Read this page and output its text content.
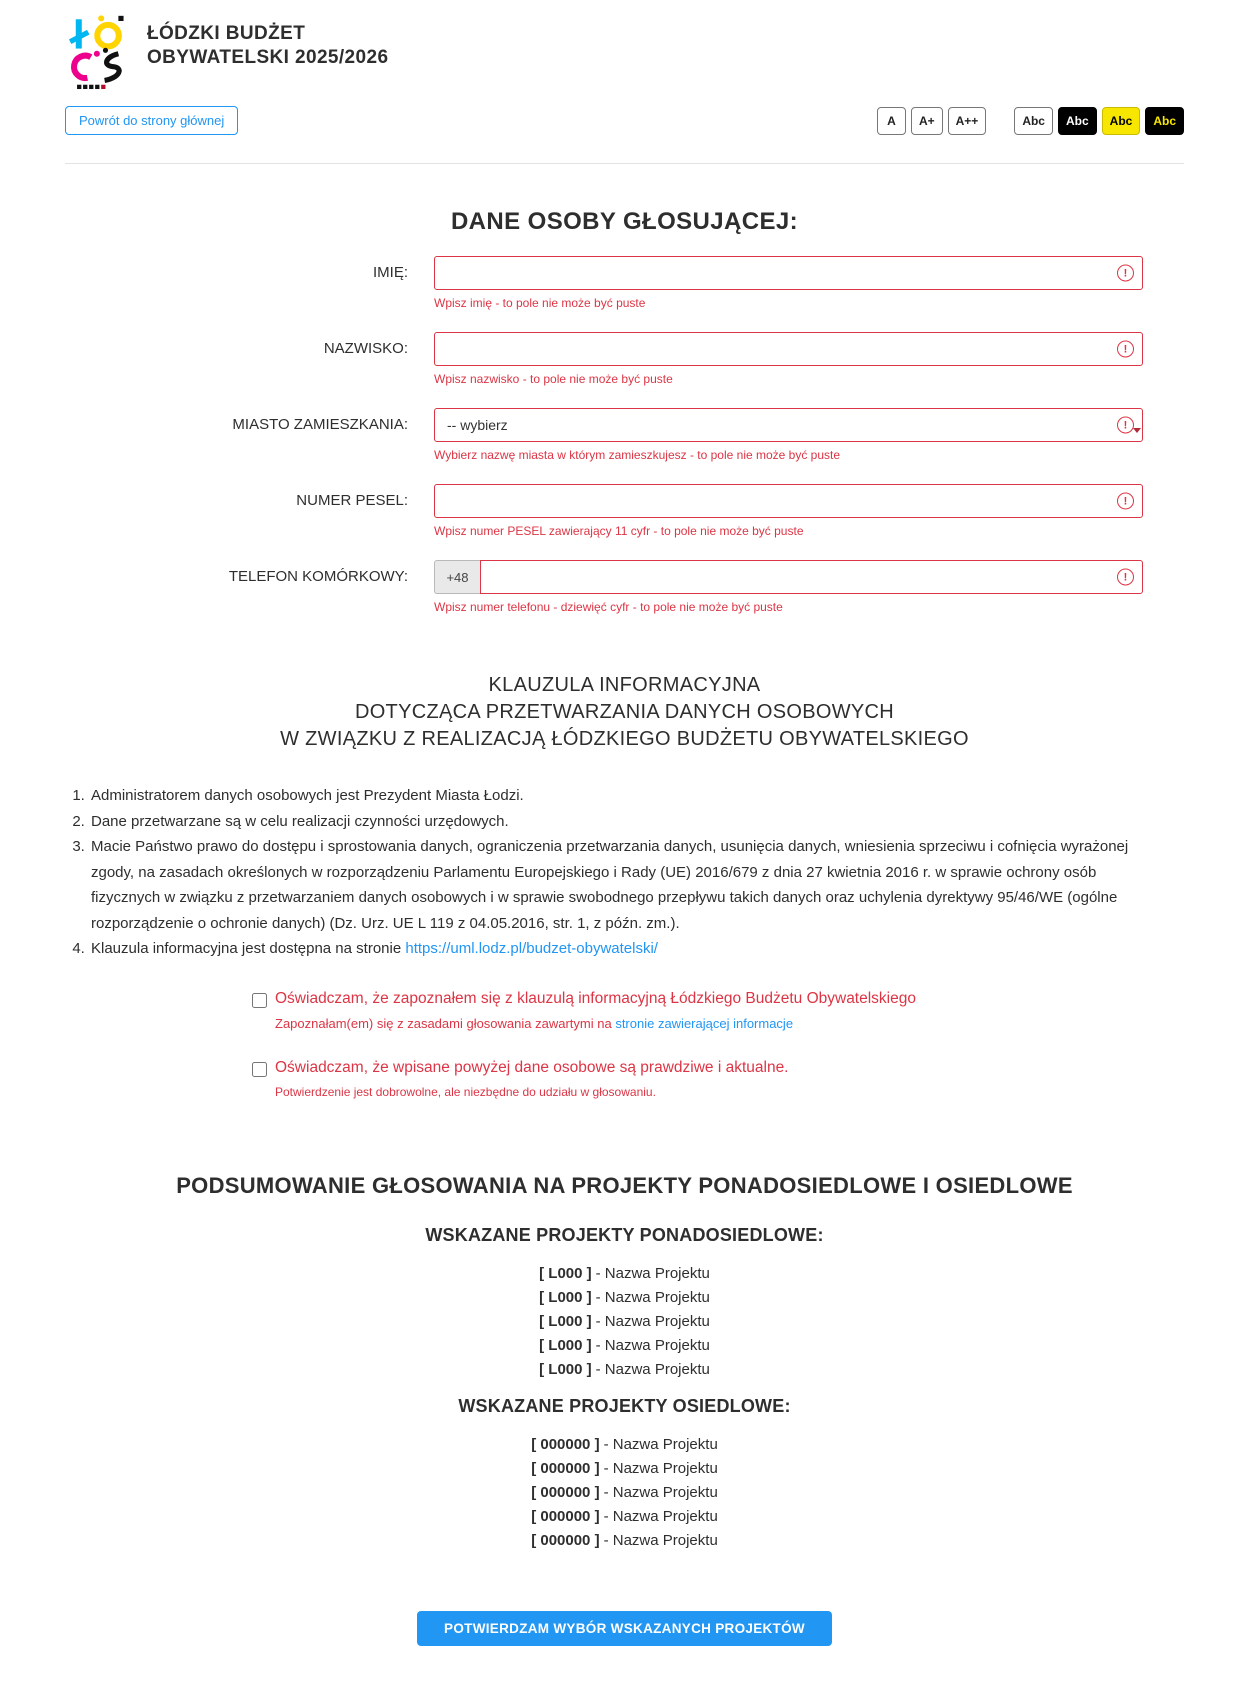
ŁÓDZKI BUDŻET
OBYWATELSKI 2025/2026
Powrót do strony głównej	A	A+	A++	Abc	Abc	Abc	Abc
DANE OSOBY GŁOSUJĄCEJ:
IMIĘ:	!
Wpisz imię - to pole nie może być puste
NAZWISKO:	!
Wpisz nazwisko - to pole nie może być puste
MIASTO ZAMIESZKANIA:	-- wybierz	!
Wybierz nazwę miasta w którym zamieszkujesz - to pole nie może być puste
NUMER PESEL:	!
Wpisz numer PESEL zawierający 11 cyfr - to pole nie może być puste
TELEFON KOMÓRKOWY:	+48	!
Wpisz numer telefonu - dziewięć cyfr - to pole nie może być puste
KLAUZULA INFORMACYJNA
DOTYCZĄCA PRZETWARZANIA DANYCH OSOBOWYCH
W ZWIĄZKU Z REALIZACJĄ ŁÓDZKIEGO BUDŻETU OBYWATELSKIEGO
1. Administratorem danych osobowych jest Prezydent Miasta Łodzi.
2. Dane przetwarzane są w celu realizacji czynności urzędowych.
3. Macie Państwo prawo do dostępu i sprostowania danych, ograniczenia przetwarzania danych, usunięcia danych, wniesienia sprzeciwu i cofnięcia wyrażonej zgody, na zasadach określonych w rozporządzeniu Parlamentu Europejskiego i Rady (UE) 2016/679 z dnia 27 kwietnia 2016 r. w sprawie ochrony osób fizycznych w związku z przetwarzaniem danych osobowych i w sprawie swobodnego przepływu takich danych oraz uchylenia dyrektywy 95/46/WE (ogólne rozporządzenie o ochronie danych) (Dz. Urz. UE L 119 z 04.05.2016, str. 1, z późn. zm.).
4. Klauzula informacyjna jest dostępna na stronie https://uml.lodz.pl/budzet-obywatelski/
Oświadczam, że zapoznałem się z klauzulą informacyjną Łódzkiego Budżetu Obywatelskiego
Zapoznałam(em) się z zasadami głosowania zawartymi na stronie zawierającej informacje
Oświadczam, że wpisane powyżej dane osobowe są prawdziwe i aktualne.
Potwierdzenie jest dobrowolne, ale niezbędne do udziału w głosowaniu.
PODSUMOWANIE GŁOSOWANIA NA PROJEKTY PONADOSIEDLOWE I OSIEDLOWE
WSKAZANE PROJEKTY PONADOSIEDLOWE:
[ L000 ] - Nazwa Projektu
[ L000 ] - Nazwa Projektu
[ L000 ] - Nazwa Projektu
[ L000 ] - Nazwa Projektu
[ L000 ] - Nazwa Projektu
WSKAZANE PROJEKTY OSIEDLOWE:
[ 000000 ] - Nazwa Projektu
[ 000000 ] - Nazwa Projektu
[ 000000 ] - Nazwa Projektu
[ 000000 ] - Nazwa Projektu
[ 000000 ] - Nazwa Projektu
POTWIERDZAM WYBÓR WSKAZANYCH PROJEKTÓW
